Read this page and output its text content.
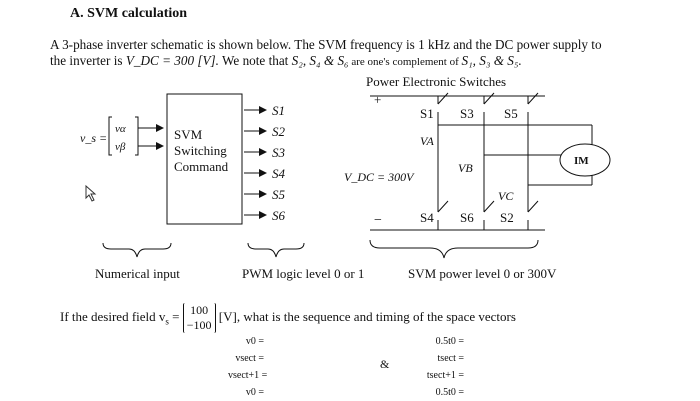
A. SVM calculation
A 3-phase inverter schematic is shown below. The SVM frequency is 1 kHz and the DC power supply to
the inverter is V_DC = 300 [V]. We note that S₂, S₄ & S₆ are one's complement of S₁, S₃ & S₅.
Power Electronic Switches
v_s =
vα
vβ
SVM
Switching
Command
S1
S2
S3
S4
S5
S6
+
−
V_DC = 300V
S1 S3 S5
VA
VB
VC
IM
S4 S6 S2
Numerical input	PWM logic level 0 or 1	SVM power level 0 or 300V
If the desired field $v_s = 100$
−100
[V], what is the sequence and timing of the space vectors
v0 =
vsect =
vsect+1 =
v0 =
&
0.5t0 =
tsect =
tsect+1 =
0.5t0 =
